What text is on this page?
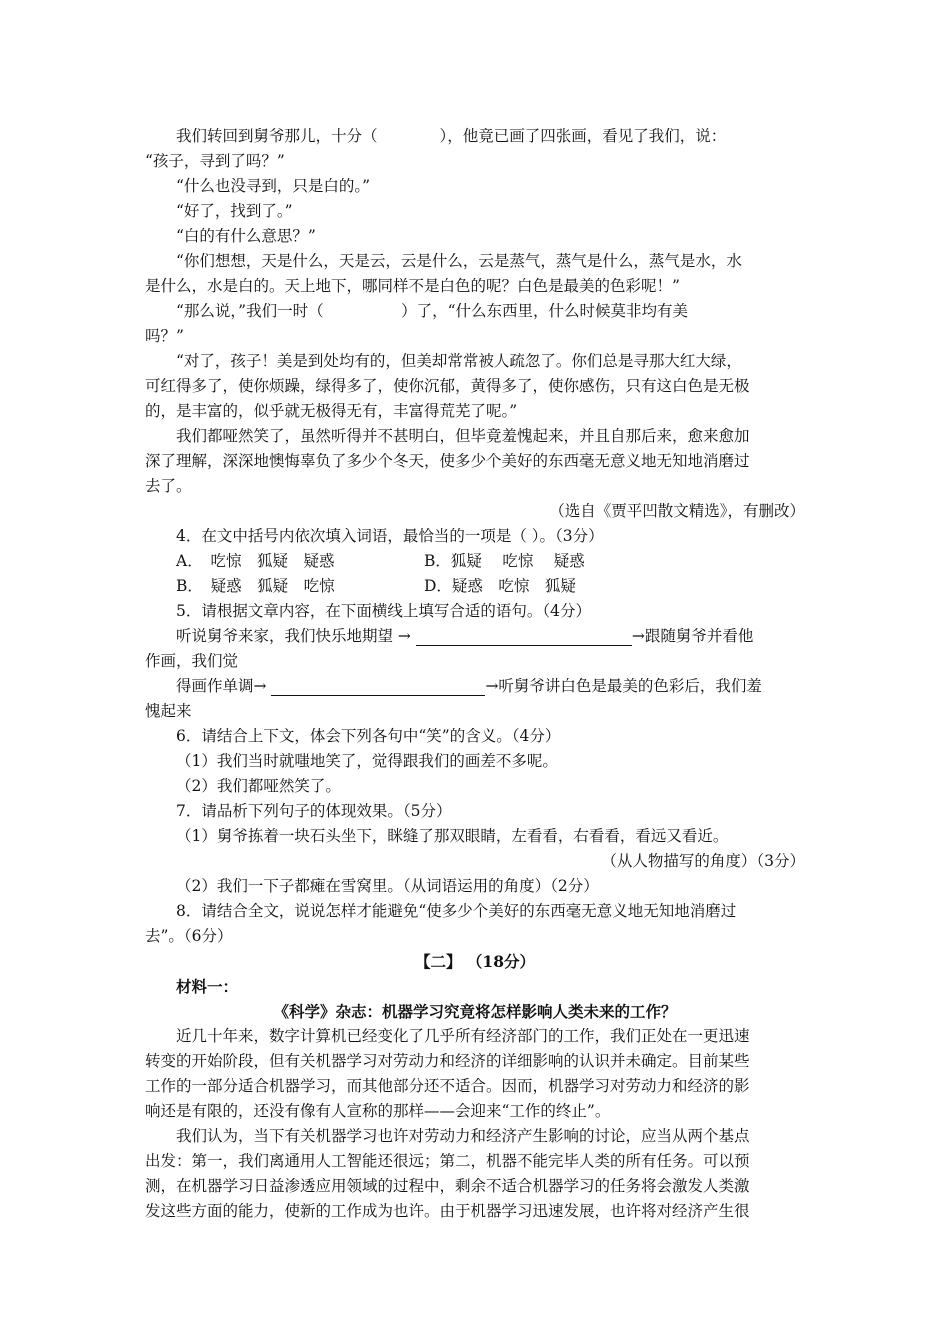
我们转回到舅爷那儿，十分（　　　　），他竟已画了四张画，看见了我们，说：
“孩子，寻到了吗？”
“什么也没寻到，只是白的。”
“好了，找到了。”
“白的有什么意思？”
“你们想想，天是什么，天是云，云是什么，云是蒸气，蒸气是什么，蒸气是水，水
是什么，水是白的。天上地下，哪同样不是白色的呢？白色是最美的色彩呢！”
“那么说，”我们一时（　　　　　）了，“什么东西里，什么时候莫非均有美
吗？”
“对了，孩子！美是到处均有的，但美却常常被人疏忽了。你们总是寻那大红大绿，
可红得多了，使你烦躁，绿得多了，使你沉郁，黄得多了，使你感伤，只有这白色是无极
的，是丰富的，似乎就无极得无有，丰富得荒芜了呢。”
我们都哑然笑了，虽然听得并不甚明白，但毕竟羞愧起来，并且自那后来，愈来愈加
深了理解，深深地懊悔辜负了多少个冬天，使多少个美好的东西毫无意义地无知地消磨过
去了。
（选自《贾平凹散文精选》，有删改）
4．在文中括号内依次填入词语，最恰当的一项是（ ）。（3分）
A．　吃惊　狐疑　疑惑	B．狐疑　 吃惊　 疑惑
B．　疑惑　狐疑　吃惊	D．疑惑　吃惊　狐疑
5．请根据文章内容，在下面横线上填写合适的语句。（4分）
听说舅爷来家，我们快乐地期望 →	→跟随舅爷并看他
作画，我们觉
得画作单调→	→听舅爷讲白色是最美的色彩后，我们羞
愧起来
6．请结合上下文，体会下列各句中“笑”的含义。（4分）
（1）我们当时就嗤地笑了，觉得跟我们的画差不多呢。
（2）我们都哑然笑了。
7．请品析下列句子的体现效果。（5分）
（1）舅爷拣着一块石头坐下，眯缝了那双眼睛，左看看，右看看，看远又看近。
（从人物描写的角度）（3分）
（2）我们一下子都瘫在雪窝里。（从词语运用的角度）（2分）
8．请结合全文，说说怎样才能避免“使多少个美好的东西毫无意义地无知地消磨过
去”。（6分）
【二】 （18分）
材料一：
《科学》杂志：机器学习究竟将怎样影响人类未来的工作？
近几十年来，数字计算机已经变化了几乎所有经济部门的工作，我们正处在一更迅速
转变的开始阶段，但有关机器学习对劳动力和经济的详细影响的认识并未确定。目前某些
工作的一部分适合机器学习，而其他部分还不适合。因而，机器学习对劳动力和经济的影
响还是有限的，还没有像有人宣称的那样——会迎来“工作的终止”。
我们认为，当下有关机器学习也许对劳动力和经济产生影响的讨论，应当从两个基点
出发：第一，我们离通用人工智能还很远；第二，机器不能完毕人类的所有任务。可以预
测，在机器学习日益渗透应用领域的过程中，剩余不适合机器学习的任务将会激发人类激
发这些方面的能力，使新的工作成为也许。由于机器学习迅速发展，也许将对经济产生很
